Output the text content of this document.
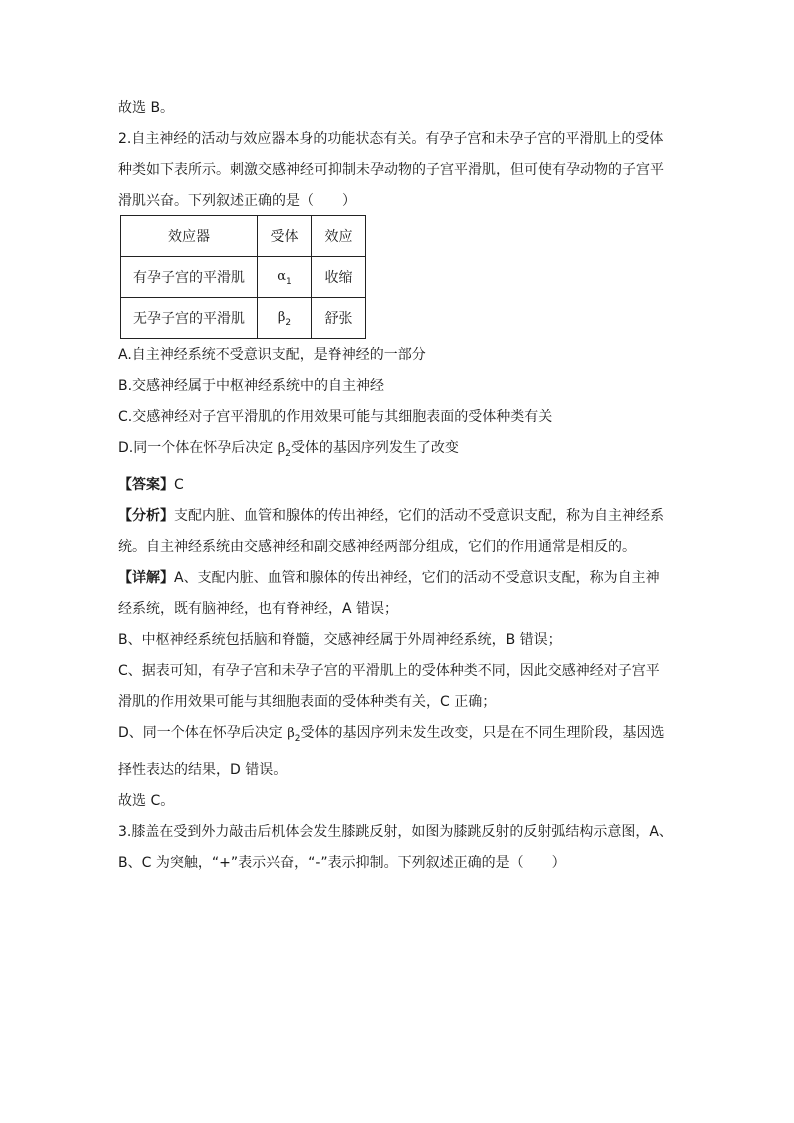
故选 B。

2.自主神经的活动与效应器本身的功能状态有关。有孕子宫和未孕子宫的平滑肌上的受体

种类如下表所示。刺激交感神经可抑制未孕动物的子宫平滑肌，但可使有孕动物的子宫平

滑肌兴奋。下列叙述正确的是（　　）

效应器	受体	效应
有孕子宫的平滑肌	$\alpha_1$	收缩
无孕子宫的平滑肌	$\beta_2$	舒张

A.自主神经系统不受意识支配，是脊神经的一部分

B.交感神经属于中枢神经系统中的自主神经

C.交感神经对子宫平滑肌的作用效果可能与其细胞表面的受体种类有关

D.同一个体在怀孕后决定 $\beta_2$受体的基因序列发生了改变

【答案】C

【分析】支配内脏、血管和腺体的传出神经，它们的活动不受意识支配，称为自主神经系

统。自主神经系统由交感神经和副交感神经两部分组成，它们的作用通常是相反的。

【详解】A、支配内脏、血管和腺体的传出神经，它们的活动不受意识支配，称为自主神

经系统，既有脑神经，也有脊神经，A 错误；

B、中枢神经系统包括脑和脊髓，交感神经属于外周神经系统，B 错误；

C、据表可知，有孕子宫和未孕子宫的平滑肌上的受体种类不同，因此交感神经对子宫平

滑肌的作用效果可能与其细胞表面的受体种类有关，C 正确；

D、同一个体在怀孕后决定 $\beta_2$受体的基因序列未发生改变，只是在不同生理阶段，基因选

择性表达的结果，D 错误。

故选 C。

3.膝盖在受到外力敲击后机体会发生膝跳反射，如图为膝跳反射的反射弧结构示意图，A、

B、C 为突触，“+”表示兴奋，“-”表示抑制。下列叙述正确的是（　　）
